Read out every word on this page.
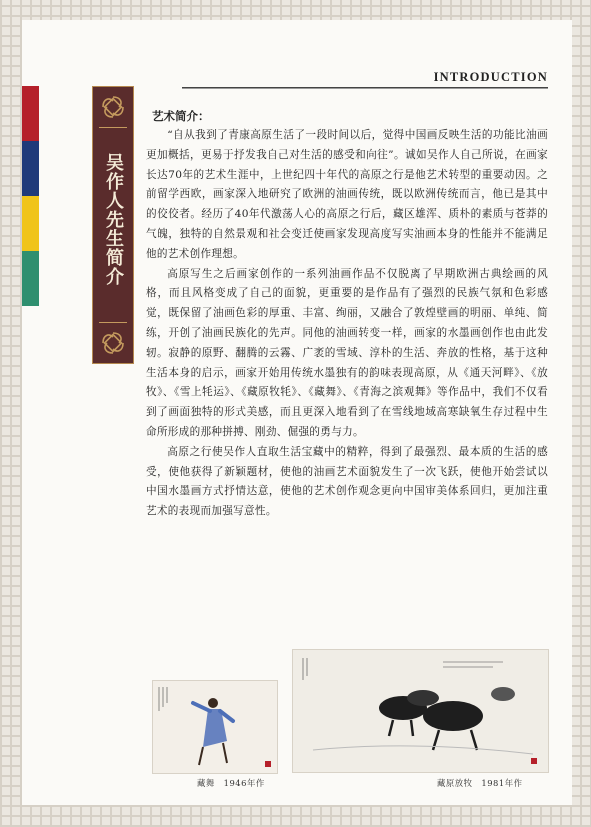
INTRODUCTION
吴作人先生简介
艺术简介：

“自从我到了青康高原生活了一段时间以后，觉得中国画反映生活的功能比油画更加概括，更易于抒发我自己对生活的感受和向往”。诚如吴作人自己所说，在画家长达70年的艺术生涯中，上世纪四十年代的高原之行是他艺术转型的重要动因。之前留学西欧，画家深入地研究了欧洲的油画传统，既以欧洲传统而言，他已是其中的佼佼者。经历了40年代激荡人心的高原之行后，藏区雄浑、质朴的素质与苍莽的气魄，独特的自然景观和社会变迁使画家发现高度写实油画本身的性能并不能满足他的艺术创作理想。

高原写生之后画家创作的一系列油画作品不仅脱离了早期欧洲古典绘画的风格，而且风格变成了自己的面貌，更重要的是作品有了强烈的民族气氛和色彩感觉，既保留了油画色彩的厚重、丰富、绚丽，又融合了敦煌壁画的明丽、单纯、简练，开创了油画民族化的先声。同他的油画转变一样，画家的水墨画创作也由此发轫。寂静的原野、翻腾的云霧、广袤的雪域、淳朴的生活、奔放的性格，基于这种生活本身的启示，画家开始用传统水墨独有的韵味表现高原，从《通天河畔》、《放牧》、《雪上牦运》、《藏原牧牦》、《藏舞》、《青海之滨观舞》等作品中，我们不仅看到了画面独特的形式美感，而且更深入地看到了在雪线地域高寒缺氧生存过程中生命所形成的那种拼搏、刚劲、倔强的勇与力。

高原之行使吴作人直取生活宝藏中的精粹，得到了最强烈、最本质的生活的感受，使他获得了新颖题材，使他的油画艺术面貌发生了一次飞跃，使他开始尝试以中国水墨画方式抒情达意，使他的艺术创作观念更向中国审美体系回归，更加注重艺术的表现而加强写意性。

藏舞　1946年作	藏原放牧　1981年作
